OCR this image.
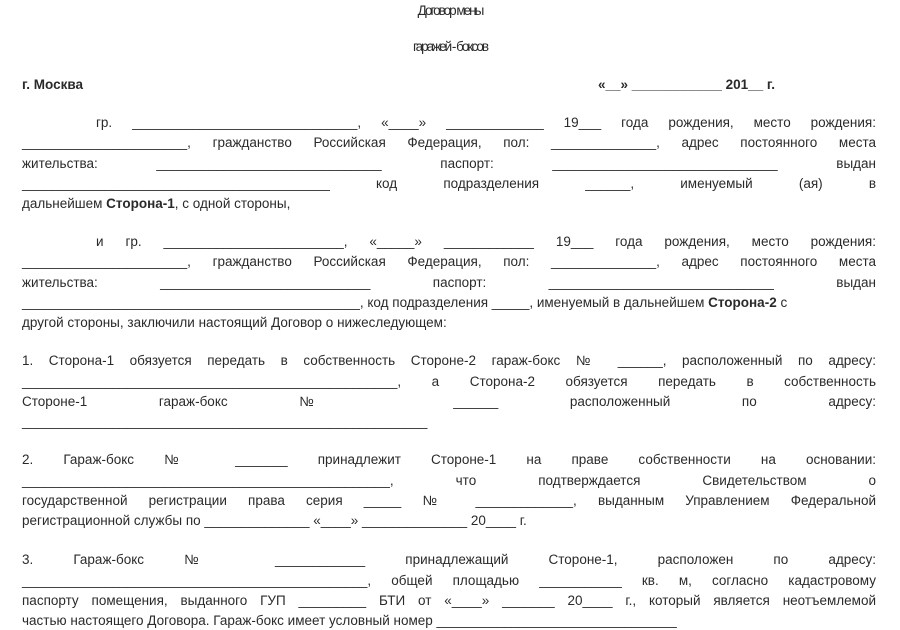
Договор мены
гаражей - боксов
г. Москва	«__» ____________ 201__ г.
гр. ______________________________, «____» _____________ 19___ года рождения, место рождения:
______________________, гражданство Российская Федерация, пол: ______________, адрес постоянного места
жительства: ______________________________ паспорт: ______________________________ выдан
_________________________________________ код подразделения ______, именуемый (ая) в
дальнейшем Сторона-1, с одной стороны,
и гр. ________________________, «_____» ____________ 19___ года рождения, место рождения:
______________________, гражданство Российская Федерация, пол: ______________, адрес постоянного места
жительства: ____________________________ паспорт: ______________________________ выдан
_____________________________________________, код подразделения _____, именуемый в дальнейшем Сторона-2 с
другой стороны, заключили настоящий Договор о нижеследующем:
1. Сторона-1 обязуется передать в собственность Стороне-2 гараж-бокс № ______, расположенный по адресу:
__________________________________________________, а Сторона-2 обязуется передать в собственность
Стороне-1 гараж-бокс № ______ расположенный по адресу:
______________________________________________________
2. Гараж-бокс № _______ принадлежит Стороне-1 на праве собственности на основании:
_________________________________________________, что подтверждается Свидетельством о
государственной регистрации права серия _____ № _____________, выданным Управлением Федеральной
регистрационной службы по ______________ «____» ______________ 20____ г.
3. Гараж-бокс № ____________ принадлежащий Стороне-1, расположен по адресу:
______________________________________________, общей площадью ___________ кв. м, согласно кадастровому
паспорту помещения, выданного ГУП _________ БТИ от «____» _______ 20____ г., который является неотъемлемой
частью настоящего Договора. Гараж-бокс имеет условный номер ________________________________
